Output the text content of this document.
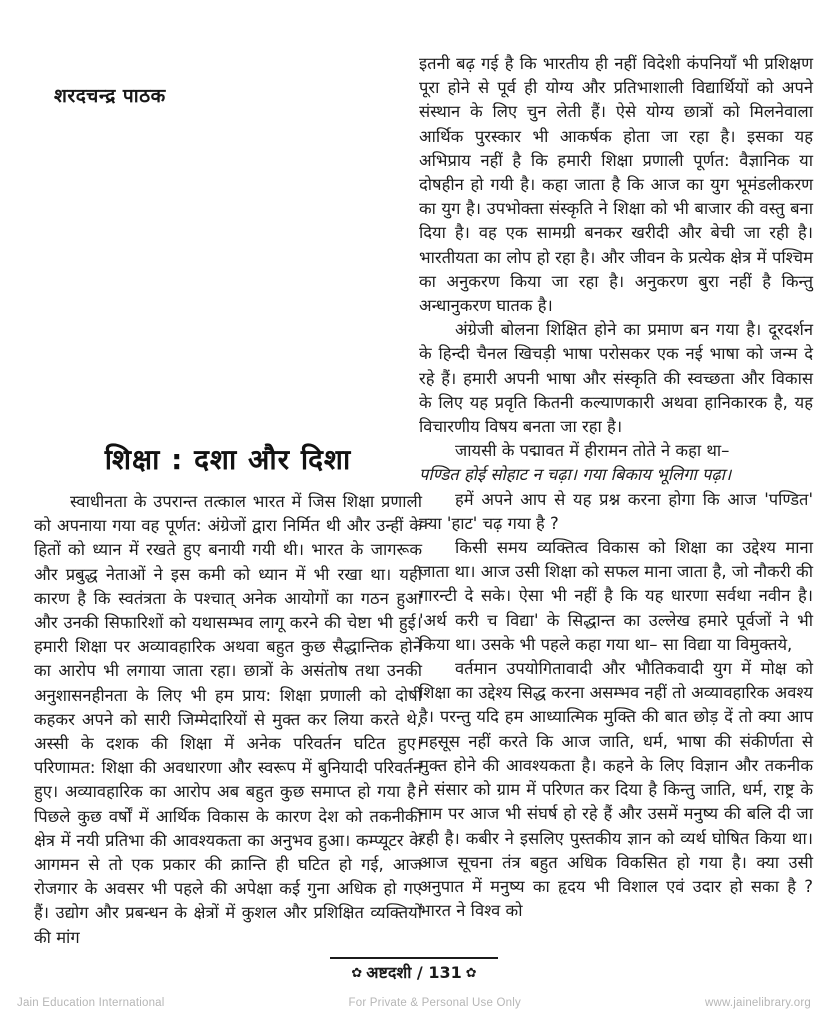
शरदचन्द्र पाठक
शिक्षा : दशा और दिशा

स्वाधीनता के उपरान्त तत्काल भारत में जिस शिक्षा प्रणाली को अपनाया गया वह पूर्णत: अंग्रेजों द्वारा निर्मित थी और उन्हीं के हितों को ध्यान में रखते हुए बनायी गयी थी। भारत के जागरूक और प्रबुद्ध नेताओं ने इस कमी को ध्यान में भी रखा था। यही कारण है कि स्वतंत्रता के पश्चात् अनेक आयोगों का गठन हुआ और उनकी सिफारिशों को यथासम्भव लागू करने की चेष्टा भी हुई। हमारी शिक्षा पर अव्यावहारिक अथवा बहुत कुछ सैद्धान्तिक होने का आरोप भी लगाया जाता रहा। छात्रों के असंतोष तथा उनकी अनुशासनहीनता के लिए भी हम प्राय: शिक्षा प्रणाली को दोषी कहकर अपने को सारी जिम्मेदारियों से मुक्त कर लिया करते थे, अस्सी के दशक की शिक्षा में अनेक परिवर्तन घटित हुए। परिणामत: शिक्षा की अवधारणा और स्वरूप में बुनियादी परिवर्तन हुए। अव्यावहारिक का आरोप अब बहुत कुछ समाप्त हो गया है। पिछले कुछ वर्षों में आर्थिक विकास के कारण देश को तकनीकी क्षेत्र में नयी प्रतिभा की आवश्यकता का अनुभव हुआ। कम्प्यूटर के आगमन से तो एक प्रकार की क्रान्ति ही घटित हो गई, आज रोजगार के अवसर भी पहले की अपेक्षा कई गुना अधिक हो गए हैं। उद्योग और प्रबन्धन के क्षेत्रों में कुशल और प्रशिक्षित व्यक्तियों की मांग

इतनी बढ़ गई है कि भारतीय ही नहीं विदेशी कंपनियाँ भी प्रशिक्षण पूरा होने से पूर्व ही योग्य और प्रतिभाशाली विद्यार्थियों को अपने संस्थान के लिए चुन लेती हैं। ऐसे योग्य छात्रों को मिलनेवाला आर्थिक पुरस्कार भी आकर्षक होता जा रहा है। इसका यह अभिप्राय नहीं है कि हमारी शिक्षा प्रणाली पूर्णत: वैज्ञानिक या दोषहीन हो गयी है। कहा जाता है कि आज का युग भूमंडलीकरण का युग है। उपभोक्ता संस्कृति ने शिक्षा को भी बाजार की वस्तु बना दिया है। वह एक सामग्री बनकर खरीदी और बेची जा रही है। भारतीयता का लोप हो रहा है। और जीवन के प्रत्येक क्षेत्र में पश्चिम का अनुकरण किया जा रहा है। अनुकरण बुरा नहीं है किन्तु अन्धानुकरण घातक है।

अंग्रेजी बोलना शिक्षित होने का प्रमाण बन गया है। दूरदर्शन के हिन्दी चैनल खिचड़ी भाषा परोसकर एक नई भाषा को जन्म दे रहे हैं। हमारी अपनी भाषा और संस्कृति की स्वच्छता और विकास के लिए यह प्रवृति कितनी कल्याणकारी अथवा हानिकारक है, यह विचारणीय विषय बनता जा रहा है।

जायसी के पद्मावत में हीरामन तोते ने कहा था–

पण्डित होई सोहाट न चढ़ा। गया बिकाय भूलिगा पढ़ा।

हमें अपने आप से यह प्रश्न करना होगा कि आज 'पण्डित' क्या 'हाट' चढ़ गया है ?

किसी समय व्यक्तित्व विकास को शिक्षा का उद्देश्य माना जाता था। आज उसी शिक्षा को सफल माना जाता है, जो नौकरी की गारन्टी दे सके। ऐसा भी नहीं है कि यह धारणा सर्वथा नवीन है। 'अर्थ करी च विद्या' के सिद्धान्त का उल्लेख हमारे पूर्वजों ने भी किया था। उसके भी पहले कहा गया था– सा विद्या या विमुक्तये,

वर्तमान उपयोगितावादी और भौतिकवादी युग में मोक्ष को शिक्षा का उद्देश्य सिद्ध करना असम्भव नहीं तो अव्यावहारिक अवश्य है। परन्तु यदि हम आध्यात्मिक मुक्ति की बात छोड़ दें तो क्या आप महसूस नहीं करते कि आज जाति, धर्म, भाषा की संकीर्णता से मुक्त होने की आवश्यकता है। कहने के लिए विज्ञान और तकनीक ने संसार को ग्राम में परिणत कर दिया है किन्तु जाति, धर्म, राष्ट्र के नाम पर आज भी संघर्ष हो रहे हैं और उसमें मनुष्य की बलि दी जा रही है। कबीर ने इसलिए पुस्तकीय ज्ञान को व्यर्थ घोषित किया था। आज सूचना तंत्र बहुत अधिक विकसित हो गया है। क्या उसी अनुपात में मनुष्य का हृदय भी विशाल एवं उदार हो सका है ? भारत ने विश्व को

✿ अष्टदशी / 131 ✿
Jain Education International	For Private & Personal Use Only	www.jainelibrary.org
